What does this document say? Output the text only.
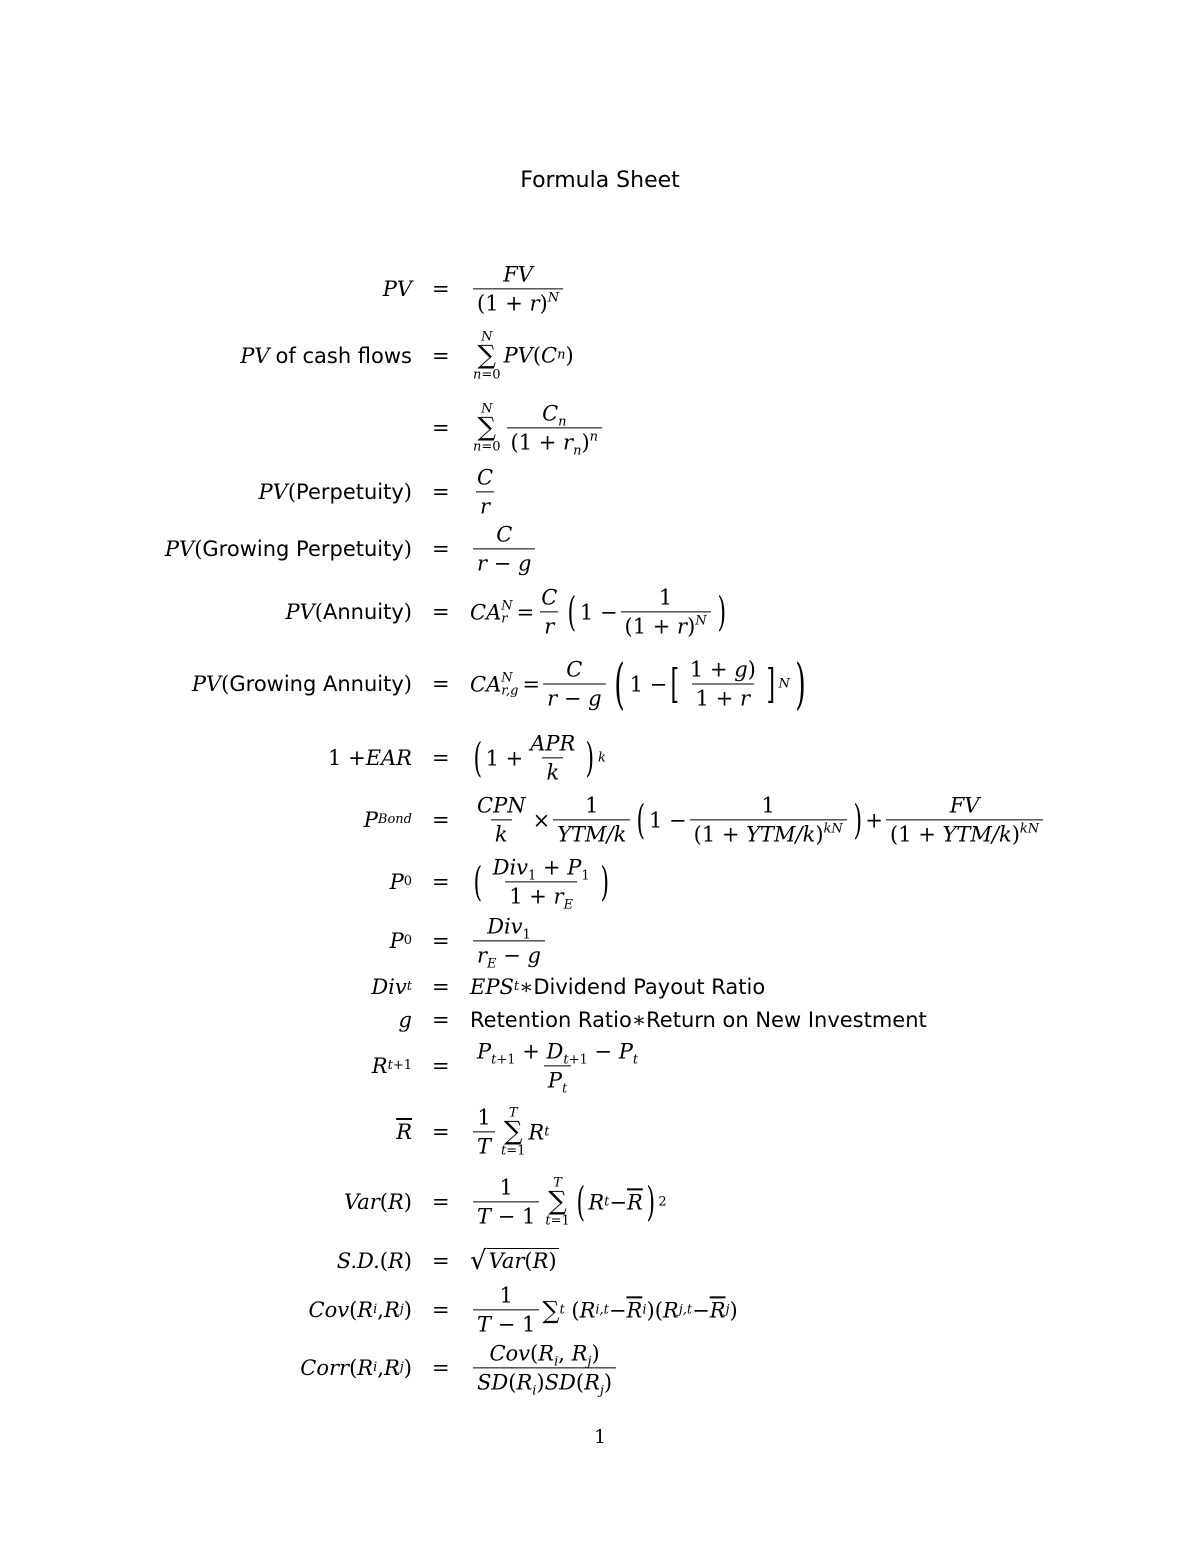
Formula Sheet
PV = $\frac{FV}{(1 + r)^N}$
PV of cash flows =
N
∑
n=0
PV ( C n )
=
N
∑
$n=0 \frac{C_n}{(1 + r_n)^n}$
PV ( Perpetuity ) = $\frac{C}{r}$
PV ( Growing Perpetuity ) = $\frac{C}{r - g}$
PV ( Annuity ) = CA N
$r = \frac{C}{r}$ ( $1 - \frac{1}{(1 + r)^N}$ )
PV ( Growing Annuity ) = CA N
$r,g = \frac{C}{r - g}$ ( 1 − [ $\frac{1 + g)}{1 + r}$ ] N )
1 + EAR = ( $1 + \frac{\text{APR}}{k}$ ) k
P Bond = $\frac{\text{CPN}}{k} \times \frac{1}{\text{YTM/k}}$ ( $1 - \frac{1}{(1 + YTM/k)^{kN}}$ ) + $\frac{FV}{(1 + YTM/k)^{kN}}$
P 0 = ( $\frac{Div_1 + P_1}{1 + r_E}$ )
P $0 = \frac{Div_1}{r_E - g}$
Div t = EPS t ∗ Dividend Payout Ratio
g = Retention Ratio ∗ Return on New Investment
R $t+1 = \frac{P_{t+1} + D_{t+1} - P_t}{P_t}$
$\overline{R} = \frac{1}{T}$ T
∑
t=1
R t
Var ( R ) = $\frac{1}{T - 1}$ T
∑
t=1 ( R $t - \overline{R}$ ) 2
S.D. ( R ) = √ Var(R)
Cov ( R i , R j ) = $\frac{1}{T - 1}$ ∑ t ( R $i,t - \overline{R}$ i )( R $j,t - \overline{R}$ j )
Corr ( R i , R j ) = $\frac{Cov(R_i, R_j)}{SD(R_i)SD(R_j)}$
1
